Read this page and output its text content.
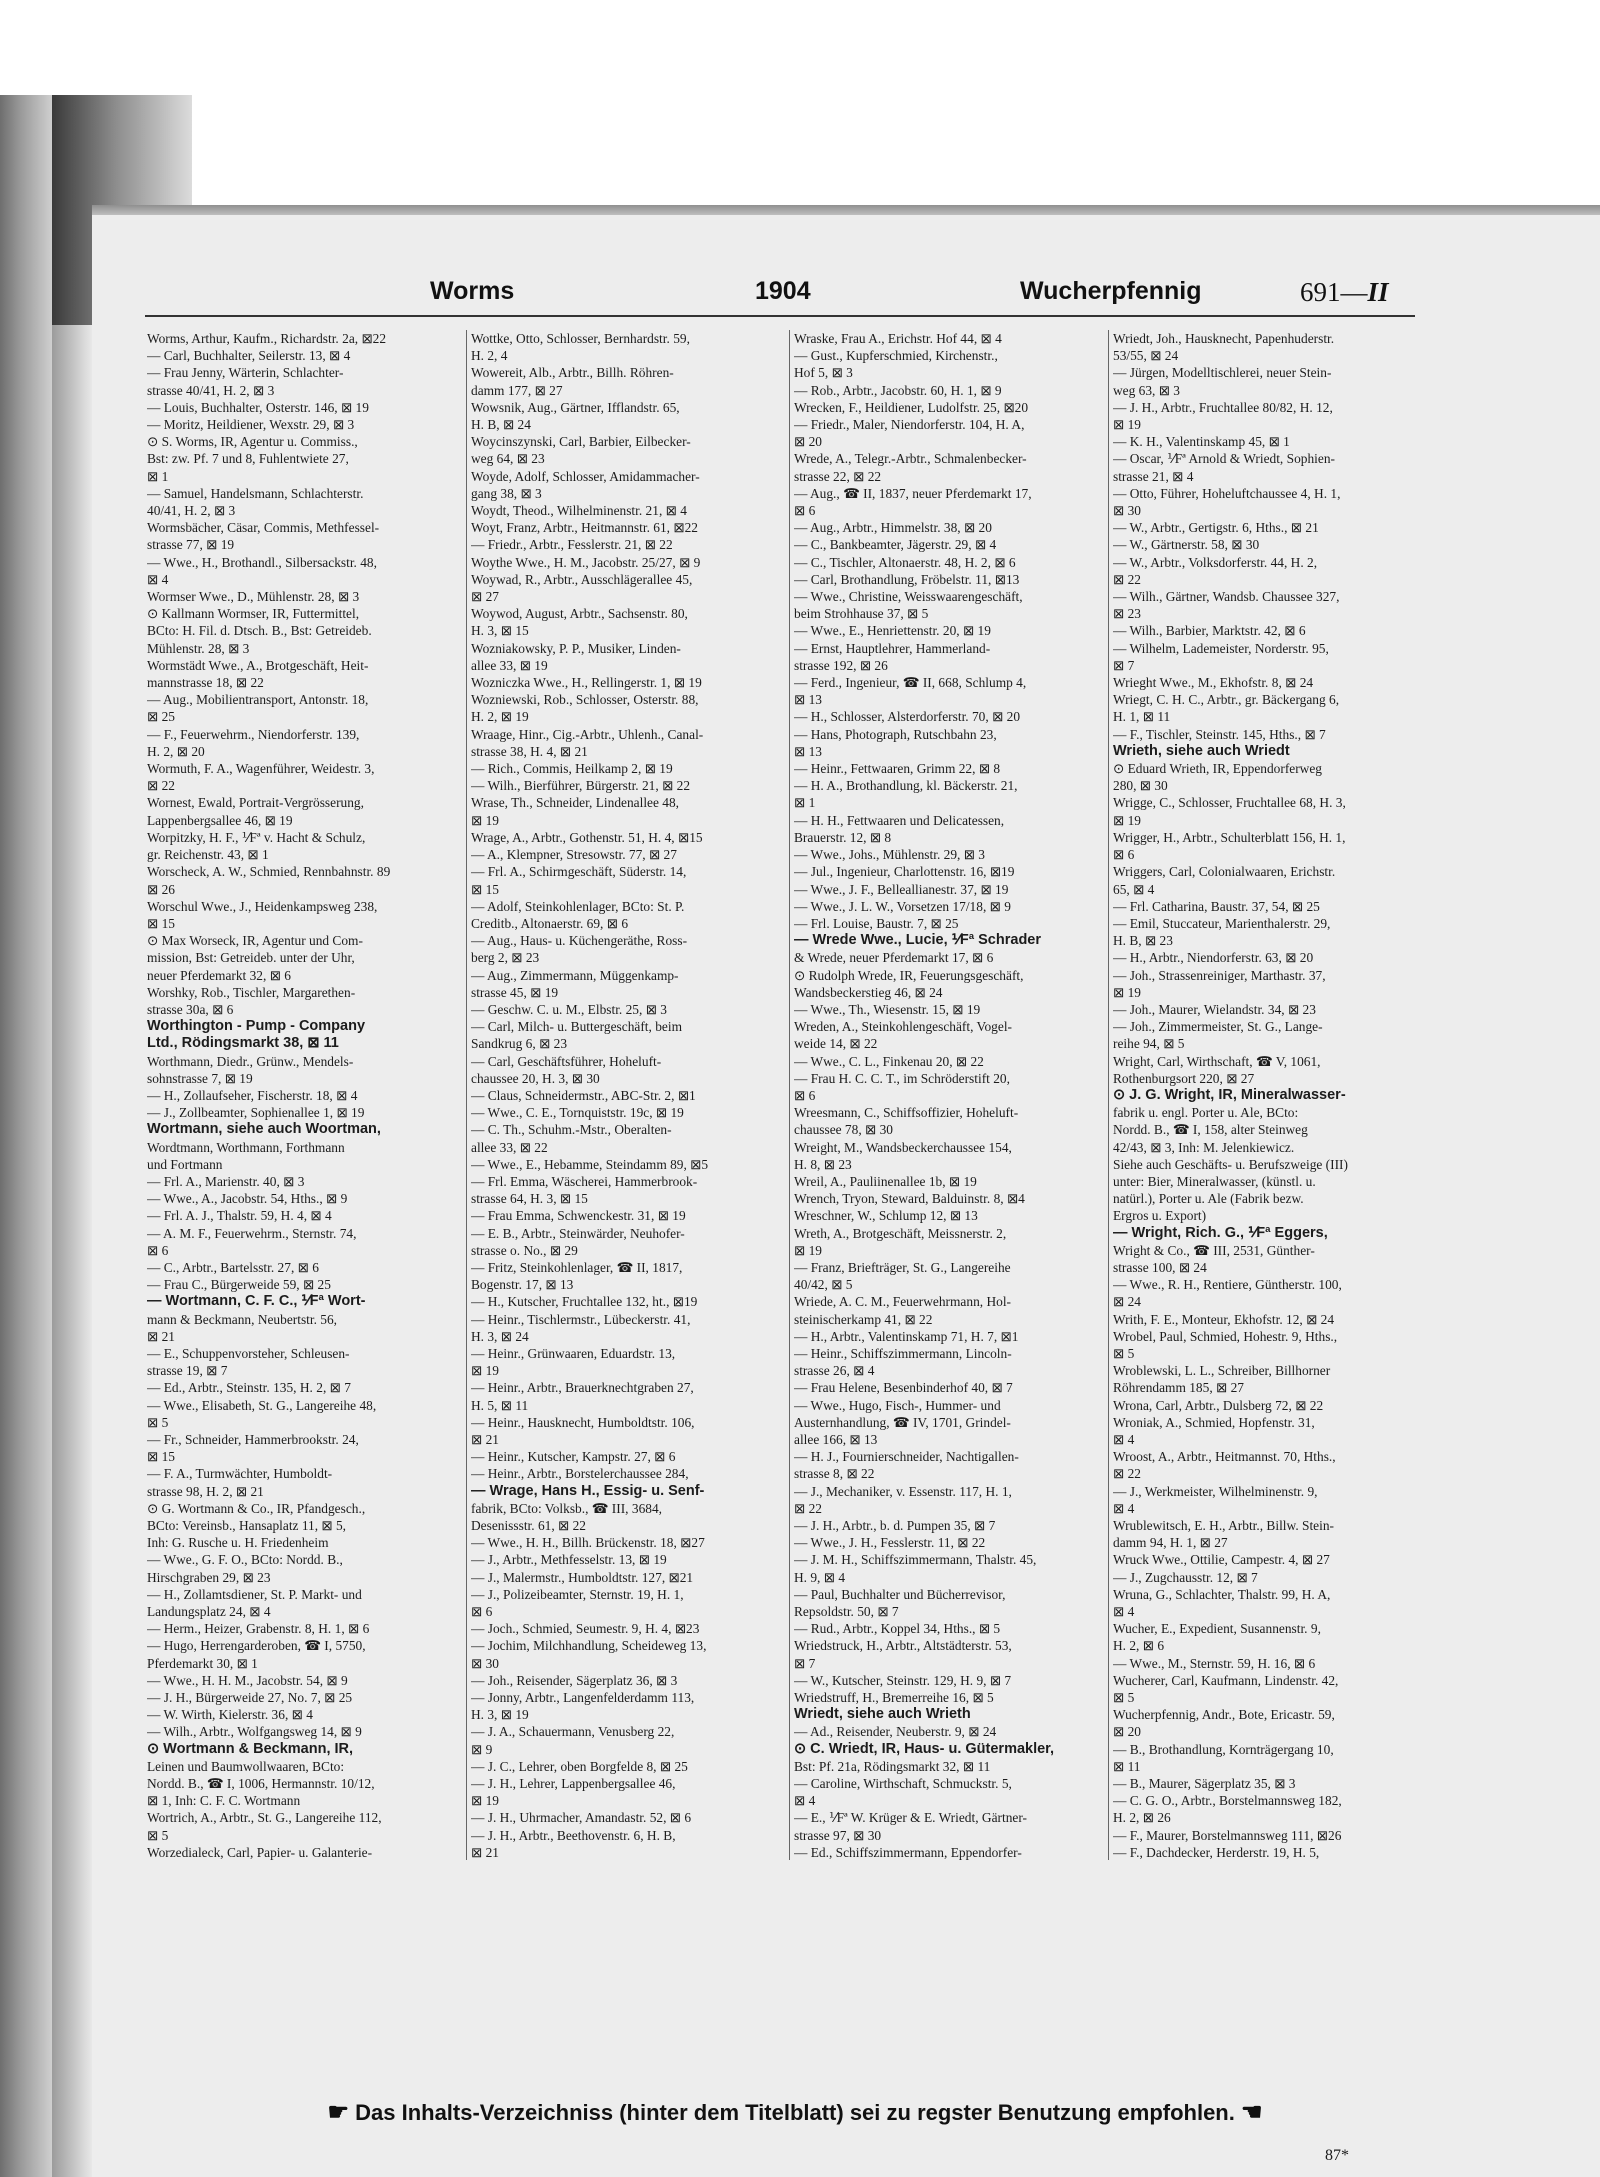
Worms	1904	Wucherpfennig	691—II
Worms, Arthur, Kaufm., Richardstr. 2a, ⊠22
— Carl, Buchhalter, Seilerstr. 13, ⊠ 4
— Frau Jenny, Wärterin, Schlachter-
strasse 40/41, H. 2, ⊠ 3
— Louis, Buchhalter, Osterstr. 146, ⊠ 19
— Moritz, Heildiener, Wexstr. 29, ⊠ 3
⊙ S. Worms, IR, Agentur u. Commiss.,
Bst: zw. Pf. 7 und 8, Fuhlentwiete 27,
⊠ 1
— Samuel, Handelsmann, Schlachterstr.
40/41, H. 2, ⊠ 3
Wormsbächer, Cäsar, Commis, Methfessel-
strasse 77, ⊠ 19
— Wwe., H., Brothandl., Silbersackstr. 48,
⊠ 4
Wormser Wwe., D., Mühlenstr. 28, ⊠ 3
⊙ Kallmann Wormser, IR, Futtermittel,
BCto: H. Fil. d. Dtsch. B., Bst: Getreideb.
Mühlenstr. 28, ⊠ 3
Wormstädt Wwe., A., Brotgeschäft, Heit-
mannstrasse 18, ⊠ 22
— Aug., Mobilientransport, Antonstr. 18,
⊠ 25
— F., Feuerwehrm., Niendorferstr. 139,
H. 2, ⊠ 20
Wormuth, F. A., Wagenführer, Weidestr. 3,
⊠ 22
Wornest, Ewald, Portrait-Vergrösserung,
Lappenbergsallee 46, ⊠ 19
Worpitzky, H. F., ⅟Fª v. Hacht & Schulz,
gr. Reichenstr. 43, ⊠ 1
Worscheck, A. W., Schmied, Rennbahnstr. 89
⊠ 26
Worschul Wwe., J., Heidenkampsweg 238,
⊠ 15
⊙ Max Worseck, IR, Agentur und Com-
mission, Bst: Getreideb. unter der Uhr,
neuer Pferdemarkt 32, ⊠ 6
Worshky, Rob., Tischler, Margarethen-
strasse 30a, ⊠ 6
Worthington - Pump - Company
Ltd., Rödingsmarkt 38, ⊠ 11
Worthmann, Diedr., Grünw., Mendels-
sohnstrasse 7, ⊠ 19
— H., Zollaufseher, Fischerstr. 18, ⊠ 4
— J., Zollbeamter, Sophienallee 1, ⊠ 19
Wortmann, siehe auch Woortman,
Wordtmann, Worthmann, Forthmann
und Fortmann
— Frl. A., Marienstr. 40, ⊠ 3
— Wwe., A., Jacobstr. 54, Hths., ⊠ 9
— Frl. A. J., Thalstr. 59, H. 4, ⊠ 4
— A. M. F., Feuerwehrm., Sternstr. 74,
⊠ 6
— C., Arbtr., Bartelsstr. 27, ⊠ 6
— Frau C., Bürgerweide 59, ⊠ 25
— Wortmann, C. F. C., ⅟Fª Wort-
mann & Beckmann, Neubertstr. 56,
⊠ 21
— E., Schuppenvorsteher, Schleusen-
strasse 19, ⊠ 7
— Ed., Arbtr., Steinstr. 135, H. 2, ⊠ 7
— Wwe., Elisabeth, St. G., Langereihe 48,
⊠ 5
— Fr., Schneider, Hammerbrookstr. 24,
⊠ 15
— F. A., Turmwächter, Humboldt-
strasse 98, H. 2, ⊠ 21
⊙ G. Wortmann & Co., IR, Pfandgesch.,
BCto: Vereinsb., Hansaplatz 11, ⊠ 5,
Inh: G. Rusche u. H. Friedenheim
— Wwe., G. F. O., BCto: Nordd. B.,
Hirschgraben 29, ⊠ 23
— H., Zollamtsdiener, St. P. Markt- und
Landungsplatz 24, ⊠ 4
— Herm., Heizer, Grabenstr. 8, H. 1, ⊠ 6
— Hugo, Herrengarderoben, ☎ I, 5750,
Pferdemarkt 30, ⊠ 1
— Wwe., H. H. M., Jacobstr. 54, ⊠ 9
— J. H., Bürgerweide 27, No. 7, ⊠ 25
— W. Wirth, Kielerstr. 36, ⊠ 4
— Wilh., Arbtr., Wolfgangsweg 14, ⊠ 9
⊙ Wortmann & Beckmann, IR,
Leinen und Baumwollwaaren, BCto:
Nordd. B., ☎ I, 1006, Hermannstr. 10/12,
⊠ 1, Inh: C. F. C. Wortmann
Wortrich, A., Arbtr., St. G., Langereihe 112,
⊠ 5
Worzedialeck, Carl, Papier- u. Galanterie-
Wottke, Otto, Schlosser, Bernhardstr. 59,
H. 2, 4
Wowereit, Alb., Arbtr., Billh. Röhren-
damm 177, ⊠ 27
Wowsnik, Aug., Gärtner, Ifflandstr. 65,
H. B, ⊠ 24
Woycinszynski, Carl, Barbier, Eilbecker-
weg 64, ⊠ 23
Woyde, Adolf, Schlosser, Amidammacher-
gang 38, ⊠ 3
Woydt, Theod., Wilhelminenstr. 21, ⊠ 4
Woyt, Franz, Arbtr., Heitmannstr. 61, ⊠22
— Friedr., Arbtr., Fesslerstr. 21, ⊠ 22
Woythe Wwe., H. M., Jacobstr. 25/27, ⊠ 9
Woywad, R., Arbtr., Ausschlägerallee 45,
⊠ 27
Woywod, August, Arbtr., Sachsenstr. 80,
H. 3, ⊠ 15
Wozniakowsky, P. P., Musiker, Linden-
allee 33, ⊠ 19
Wozniczka Wwe., H., Rellingerstr. 1, ⊠ 19
Wozniewski, Rob., Schlosser, Osterstr. 88,
H. 2, ⊠ 19
Wraage, Hinr., Cig.-Arbtr., Uhlenh., Canal-
strasse 38, H. 4, ⊠ 21
— Rich., Commis, Heilkamp 2, ⊠ 19
— Wilh., Bierführer, Bürgerstr. 21, ⊠ 22
Wrase, Th., Schneider, Lindenallee 48,
⊠ 19
Wrage, A., Arbtr., Gothenstr. 51, H. 4, ⊠15
— A., Klempner, Stresowstr. 77, ⊠ 27
— Frl. A., Schirmgeschäft, Süderstr. 14,
⊠ 15
— Adolf, Steinkohlenlager, BCto: St. P.
Creditb., Altonaerstr. 69, ⊠ 6
— Aug., Haus- u. Küchengeräthe, Ross-
berg 2, ⊠ 23
— Aug., Zimmermann, Müggenkamp-
strasse 45, ⊠ 19
— Geschw. C. u. M., Elbstr. 25, ⊠ 3
— Carl, Milch- u. Buttergeschäft, beim
Sandkrug 6, ⊠ 23
— Carl, Geschäftsführer, Hoheluft-
chaussee 20, H. 3, ⊠ 30
— Claus, Schneidermstr., ABC-Str. 2, ⊠1
— Wwe., C. E., Tornquiststr. 19c, ⊠ 19
— C. Th., Schuhm.-Mstr., Oberalten-
allee 33, ⊠ 22
— Wwe., E., Hebamme, Steindamm 89, ⊠5
— Frl. Emma, Wäscherei, Hammerbrook-
strasse 64, H. 3, ⊠ 15
— Frau Emma, Schwenckestr. 31, ⊠ 19
— E. B., Arbtr., Steinwärder, Neuhofer-
strasse o. No., ⊠ 29
— Fritz, Steinkohlenlager, ☎ II, 1817,
Bogenstr. 17, ⊠ 13
— H., Kutscher, Fruchtallee 132, ht., ⊠19
— Heinr., Tischlermstr., Lübeckerstr. 41,
H. 3, ⊠ 24
— Heinr., Grünwaaren, Eduardstr. 13,
⊠ 19
— Heinr., Arbtr., Brauerknechtgraben 27,
H. 5, ⊠ 11
— Heinr., Hausknecht, Humboldtstr. 106,
⊠ 21
— Heinr., Kutscher, Kampstr. 27, ⊠ 6
— Heinr., Arbtr., Borstelerchaussee 284,
— Wrage, Hans H., Essig- u. Senf-
fabrik, BCto: Volksb., ☎ III, 3684,
Desenissstr. 61, ⊠ 22
— Wwe., H. H., Billh. Brückenstr. 18, ⊠27
— J., Arbtr., Methfesselstr. 13, ⊠ 19
— J., Malermstr., Humboldtstr. 127, ⊠21
— J., Polizeibeamter, Sternstr. 19, H. 1,
⊠ 6
— Joch., Schmied, Seumestr. 9, H. 4, ⊠23
— Jochim, Milchhandlung, Scheideweg 13,
⊠ 30
— Joh., Reisender, Sägerplatz 36, ⊠ 3
— Jonny, Arbtr., Langenfelderdamm 113,
H. 3, ⊠ 19
— J. A., Schauermann, Venusberg 22,
⊠ 9
— J. C., Lehrer, oben Borgfelde 8, ⊠ 25
— J. H., Lehrer, Lappenbergsallee 46,
⊠ 19
— J. H., Uhrmacher, Amandastr. 52, ⊠ 6
— J. H., Arbtr., Beethovenstr. 6, H. B,
⊠ 21
Wraske, Frau A., Erichstr. Hof 44, ⊠ 4
— Gust., Kupferschmied, Kirchenstr.,
Hof 5, ⊠ 3
— Rob., Arbtr., Jacobstr. 60, H. 1, ⊠ 9
Wrecken, F., Heildiener, Ludolfstr. 25, ⊠20
— Friedr., Maler, Niendorferstr. 104, H. A,
⊠ 20
Wrede, A., Telegr.-Arbtr., Schmalenbecker-
strasse 22, ⊠ 22
— Aug., ☎ II, 1837, neuer Pferdemarkt 17,
⊠ 6
— Aug., Arbtr., Himmelstr. 38, ⊠ 20
— C., Bankbeamter, Jägerstr. 29, ⊠ 4
— C., Tischler, Altonaerstr. 48, H. 2, ⊠ 6
— Carl, Brothandlung, Fröbelstr. 11, ⊠13
— Wwe., Christine, Weisswaarengeschäft,
beim Strohhause 37, ⊠ 5
— Wwe., E., Henriettenstr. 20, ⊠ 19
— Ernst, Hauptlehrer, Hammerland-
strasse 192, ⊠ 26
— Ferd., Ingenieur, ☎ II, 668, Schlump 4,
⊠ 13
— H., Schlosser, Alsterdorferstr. 70, ⊠ 20
— Hans, Photograph, Rutschbahn 23,
⊠ 13
— Heinr., Fettwaaren, Grimm 22, ⊠ 8
— H. A., Brothandlung, kl. Bäckerstr. 21,
⊠ 1
— H. H., Fettwaaren und Delicatessen,
Brauerstr. 12, ⊠ 8
— Wwe., Johs., Mühlenstr. 29, ⊠ 3
— Jul., Ingenieur, Charlottenstr. 16, ⊠19
— Wwe., J. F., Belleallianestr. 37, ⊠ 19
— Wwe., J. L. W., Vorsetzen 17/18, ⊠ 9
— Frl. Louise, Baustr. 7, ⊠ 25
— Wrede Wwe., Lucie, ⅟Fª Schrader
& Wrede, neuer Pferdemarkt 17, ⊠ 6
⊙ Rudolph Wrede, IR, Feuerungsgeschäft,
Wandsbeckerstieg 46, ⊠ 24
— Wwe., Th., Wiesenstr. 15, ⊠ 19
Wreden, A., Steinkohlengeschäft, Vogel-
weide 14, ⊠ 22
— Wwe., C. L., Finkenau 20, ⊠ 22
— Frau H. C. C. T., im Schröderstift 20,
⊠ 6
Wreesmann, C., Schiffsoffizier, Hoheluft-
chaussee 78, ⊠ 30
Wreight, M., Wandsbeckerchaussee 154,
H. 8, ⊠ 23
Wreil, A., Pauliinenallee 1b, ⊠ 19
Wrench, Tryon, Steward, Balduinstr. 8, ⊠4
Wreschner, W., Schlump 12, ⊠ 13
Wreth, A., Brotgeschäft, Meissnerstr. 2,
⊠ 19
— Franz, Briefträger, St. G., Langereihe
40/42, ⊠ 5
Wriede, A. C. M., Feuerwehrmann, Hol-
steinischerkamp 41, ⊠ 22
— H., Arbtr., Valentinskamp 71, H. 7, ⊠1
— Heinr., Schiffszimmermann, Lincoln-
strasse 26, ⊠ 4
— Frau Helene, Besenbinderhof 40, ⊠ 7
— Wwe., Hugo, Fisch-, Hummer- und
Austernhandlung, ☎ IV, 1701, Grindel-
allee 166, ⊠ 13
— H. J., Fournierschneider, Nachtigallen-
strasse 8, ⊠ 22
— J., Mechaniker, v. Essenstr. 117, H. 1,
⊠ 22
— J. H., Arbtr., b. d. Pumpen 35, ⊠ 7
— Wwe., J. H., Fesslerstr. 11, ⊠ 22
— J. M. H., Schiffszimmermann, Thalstr. 45,
H. 9, ⊠ 4
— Paul, Buchhalter und Bücherrevisor,
Repsoldstr. 50, ⊠ 7
— Rud., Arbtr., Koppel 34, Hths., ⊠ 5
Wriedstruck, H., Arbtr., Altstädterstr. 53,
⊠ 7
— W., Kutscher, Steinstr. 129, H. 9, ⊠ 7
Wriedstruff, H., Bremerreihe 16, ⊠ 5
Wriedt, siehe auch Wrieth
— Ad., Reisender, Neuberstr. 9, ⊠ 24
⊙ C. Wriedt, IR, Haus- u. Gütermakler,
Bst: Pf. 21a, Rödingsmarkt 32, ⊠ 11
— Caroline, Wirthschaft, Schmuckstr. 5,
⊠ 4
— E., ⅟Fª W. Krüger & E. Wriedt, Gärtner-
strasse 97, ⊠ 30
— Ed., Schiffszimmermann, Eppendorfer-
Wriedt, Joh., Hausknecht, Papenhuderstr.
53/55, ⊠ 24
— Jürgen, Modelltischlerei, neuer Stein-
weg 63, ⊠ 3
— J. H., Arbtr., Fruchtallee 80/82, H. 12,
⊠ 19
— K. H., Valentinskamp 45, ⊠ 1
— Oscar, ⅟Fª Arnold & Wriedt, Sophien-
strasse 21, ⊠ 4
— Otto, Führer, Hoheluftchaussee 4, H. 1,
⊠ 30
— W., Arbtr., Gertigstr. 6, Hths., ⊠ 21
— W., Gärtnerstr. 58, ⊠ 30
— W., Arbtr., Volksdorferstr. 44, H. 2,
⊠ 22
— Wilh., Gärtner, Wandsb. Chaussee 327,
⊠ 23
— Wilh., Barbier, Marktstr. 42, ⊠ 6
— Wilhelm, Lademeister, Norderstr. 95,
⊠ 7
Wrieght Wwe., M., Ekhofstr. 8, ⊠ 24
Wriegt, C. H. C., Arbtr., gr. Bäckergang 6,
H. 1, ⊠ 11
— F., Tischler, Steinstr. 145, Hths., ⊠ 7
Wrieth, siehe auch Wriedt
⊙ Eduard Wrieth, IR, Eppendorferweg
280, ⊠ 30
Wrigge, C., Schlosser, Fruchtallee 68, H. 3,
⊠ 19
Wrigger, H., Arbtr., Schulterblatt 156, H. 1,
⊠ 6
Wriggers, Carl, Colonialwaaren, Erichstr.
65, ⊠ 4
— Frl. Catharina, Baustr. 37, 54, ⊠ 25
— Emil, Stuccateur, Marienthalerstr. 29,
H. B, ⊠ 23
— H., Arbtr., Niendorferstr. 63, ⊠ 20
— Joh., Strassenreiniger, Marthastr. 37,
⊠ 19
— Joh., Maurer, Wielandstr. 34, ⊠ 23
— Joh., Zimmermeister, St. G., Lange-
reihe 94, ⊠ 5
Wright, Carl, Wirthschaft, ☎ V, 1061,
Rothenburgsort 220, ⊠ 27
⊙ J. G. Wright, IR, Mineralwasser-
fabrik u. engl. Porter u. Ale, BCto:
Nordd. B., ☎ I, 158, alter Steinweg
42/43, ⊠ 3, Inh: M. Jelenkiewicz.
Siehe auch Geschäfts- u. Berufszweige (III)
unter: Bier, Mineralwasser, (künstl. u.
natürl.), Porter u. Ale (Fabrik bezw.
Ergros u. Export)
— Wright, Rich. G., ⅟Fª Eggers,
Wright & Co., ☎ III, 2531, Günther-
strasse 100, ⊠ 24
— Wwe., R. H., Rentiere, Güntherstr. 100,
⊠ 24
Writh, F. E., Monteur, Ekhofstr. 12, ⊠ 24
Wrobel, Paul, Schmied, Hohestr. 9, Hths.,
⊠ 5
Wroblewski, L. L., Schreiber, Billhorner
Röhrendamm 185, ⊠ 27
Wrona, Carl, Arbtr., Dulsberg 72, ⊠ 22
Wroniak, A., Schmied, Hopfenstr. 31,
⊠ 4
Wroost, A., Arbtr., Heitmannst. 70, Hths.,
⊠ 22
— J., Werkmeister, Wilhelminenstr. 9,
⊠ 4
Wrublewitsch, E. H., Arbtr., Billw. Stein-
damm 94, H. 1, ⊠ 27
Wruck Wwe., Ottilie, Campestr. 4, ⊠ 27
— J., Zugchausstr. 12, ⊠ 7
Wruna, G., Schlachter, Thalstr. 99, H. A,
⊠ 4
Wucher, E., Expedient, Susannenstr. 9,
H. 2, ⊠ 6
— Wwe., M., Sternstr. 59, H. 16, ⊠ 6
Wucherer, Carl, Kaufmann, Lindenstr. 42,
⊠ 5
Wucherpfennig, Andr., Bote, Ericastr. 59,
⊠ 20
— B., Brothandlung, Kornträgergang 10,
⊠ 11
— B., Maurer, Sägerplatz 35, ⊠ 3
— C. G. O., Arbtr., Borstelmannsweg 182,
H. 2, ⊠ 26
— F., Maurer, Borstelmannsweg 111, ⊠26
— F., Dachdecker, Herderstr. 19, H. 5,
☛ Das Inhalts-Verzeichniss (hinter dem Titelblatt) sei zu regster Benutzung empfohlen. ☚
87*
